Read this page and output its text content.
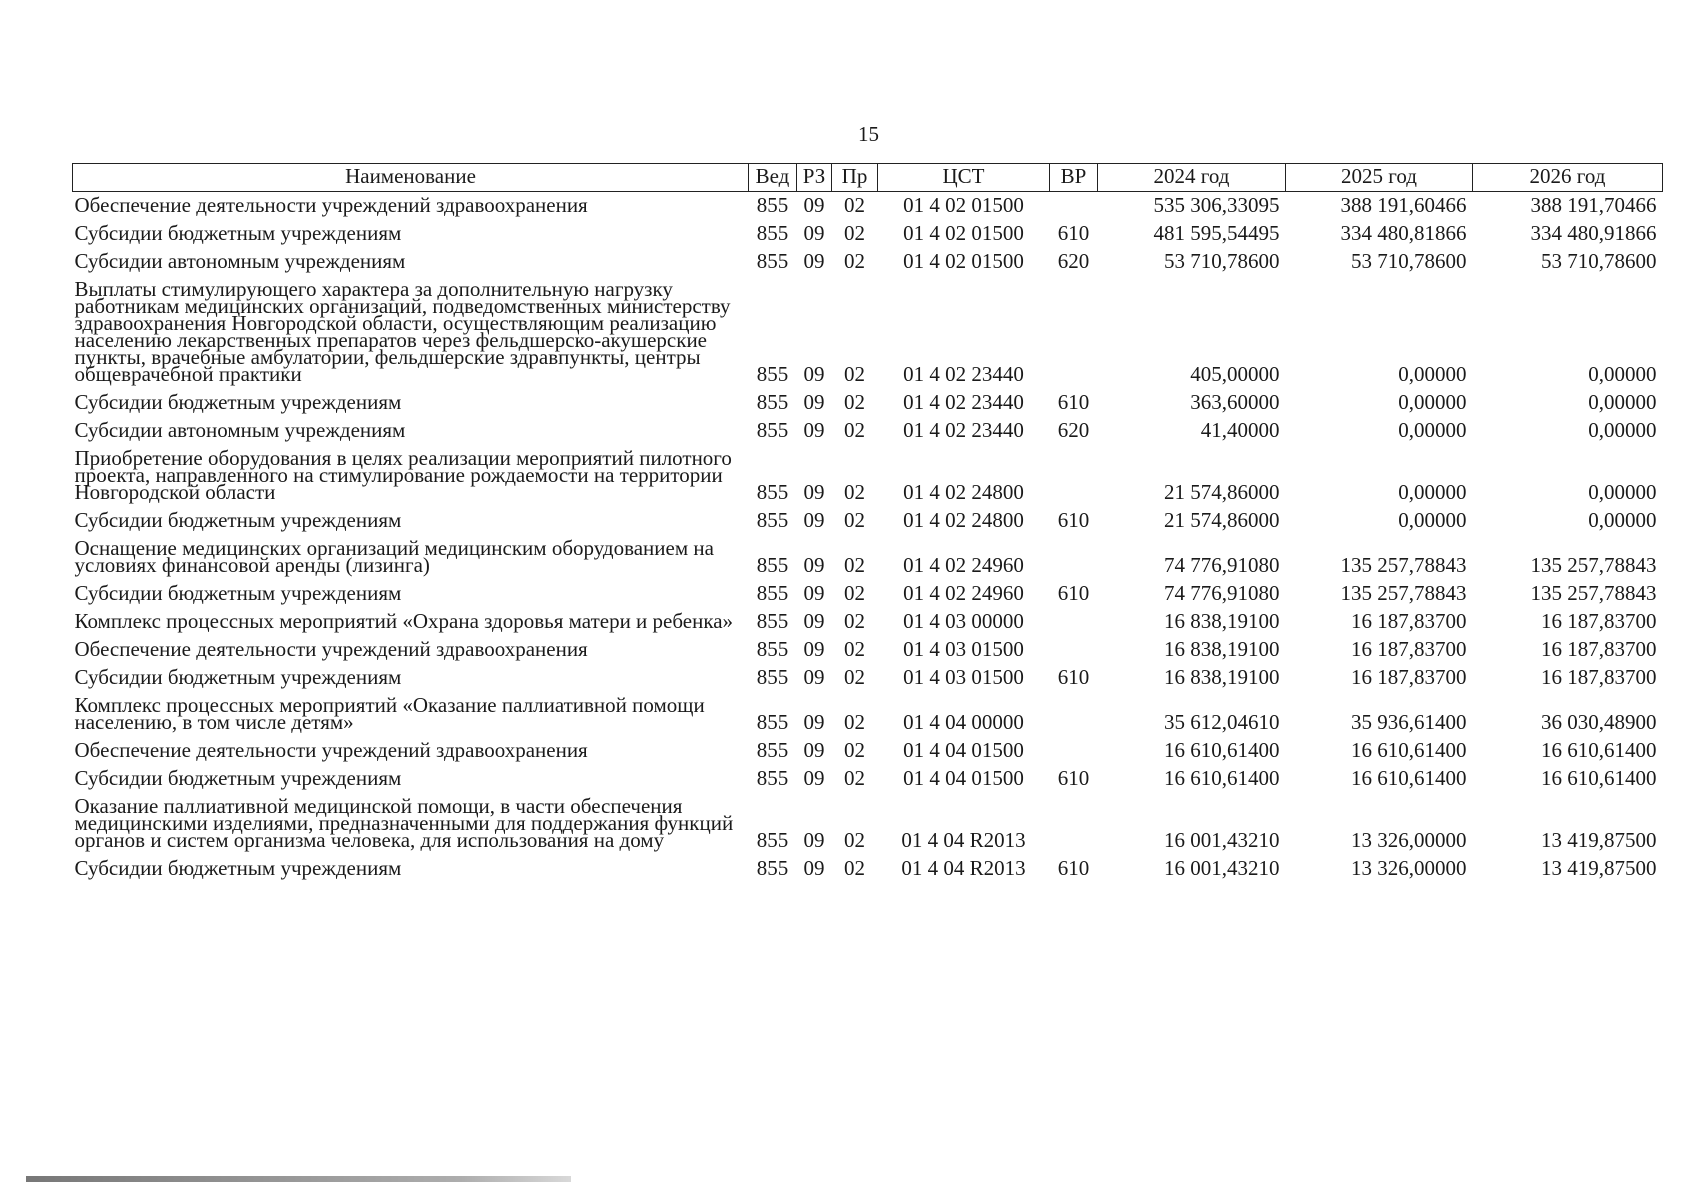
15
Наименование	Вед	РЗ	Пр	ЦСТ	ВР	2024 год	2025 год	2026 год
Обеспечение деятельности учреждений здравоохранения	855	09	02	01 4 02 01500		535 306,33095	388 191,60466	388 191,70466
Субсидии бюджетным учреждениям	855	09	02	01 4 02 01500	610	481 595,54495	334 480,81866	334 480,91866
Субсидии автономным учреждениям	855	09	02	01 4 02 01500	620	53 710,78600	53 710,78600	53 710,78600
Выплаты стимулирующего характера за дополнительную нагрузку работникам медицинских организаций, подведомственных министерству здравоохранения Новгородской области, осуществляющим реализацию населению лекарственных препаратов через фельдшерско-акушерские пункты, врачебные амбулатории, фельдшерские здравпункты, центры общеврачебной практики	855	09	02	01 4 02 23440		405,00000	0,00000	0,00000
Субсидии бюджетным учреждениям	855	09	02	01 4 02 23440	610	363,60000	0,00000	0,00000
Субсидии автономным учреждениям	855	09	02	01 4 02 23440	620	41,40000	0,00000	0,00000
Приобретение оборудования в целях реализации мероприятий пилотного проекта, направленного на стимулирование рождаемости на территории Новгородской области	855	09	02	01 4 02 24800		21 574,86000	0,00000	0,00000
Субсидии бюджетным учреждениям	855	09	02	01 4 02 24800	610	21 574,86000	0,00000	0,00000
Оснащение медицинских организаций медицинским оборудованием на условиях финансовой аренды (лизинга)	855	09	02	01 4 02 24960		74 776,91080	135 257,78843	135 257,78843
Субсидии бюджетным учреждениям	855	09	02	01 4 02 24960	610	74 776,91080	135 257,78843	135 257,78843
Комплекс процессных мероприятий «Охрана здоровья матери и ребенка»	855	09	02	01 4 03 00000		16 838,19100	16 187,83700	16 187,83700
Обеспечение деятельности учреждений здравоохранения	855	09	02	01 4 03 01500		16 838,19100	16 187,83700	16 187,83700
Субсидии бюджетным учреждениям	855	09	02	01 4 03 01500	610	16 838,19100	16 187,83700	16 187,83700
Комплекс процессных мероприятий «Оказание паллиативной помощи населению, в том числе детям»	855	09	02	01 4 04 00000		35 612,04610	35 936,61400	36 030,48900
Обеспечение деятельности учреждений здравоохранения	855	09	02	01 4 04 01500		16 610,61400	16 610,61400	16 610,61400
Субсидии бюджетным учреждениям	855	09	02	01 4 04 01500	610	16 610,61400	16 610,61400	16 610,61400
Оказание паллиативной медицинской помощи, в части обеспечения медицинскими изделиями, предназначенными для поддержания функций органов и систем организма человека, для использования на дому	855	09	02	01 4 04 R2013		16 001,43210	13 326,00000	13 419,87500
Субсидии бюджетным учреждениям	855	09	02	01 4 04 R2013	610	16 001,43210	13 326,00000	13 419,87500
